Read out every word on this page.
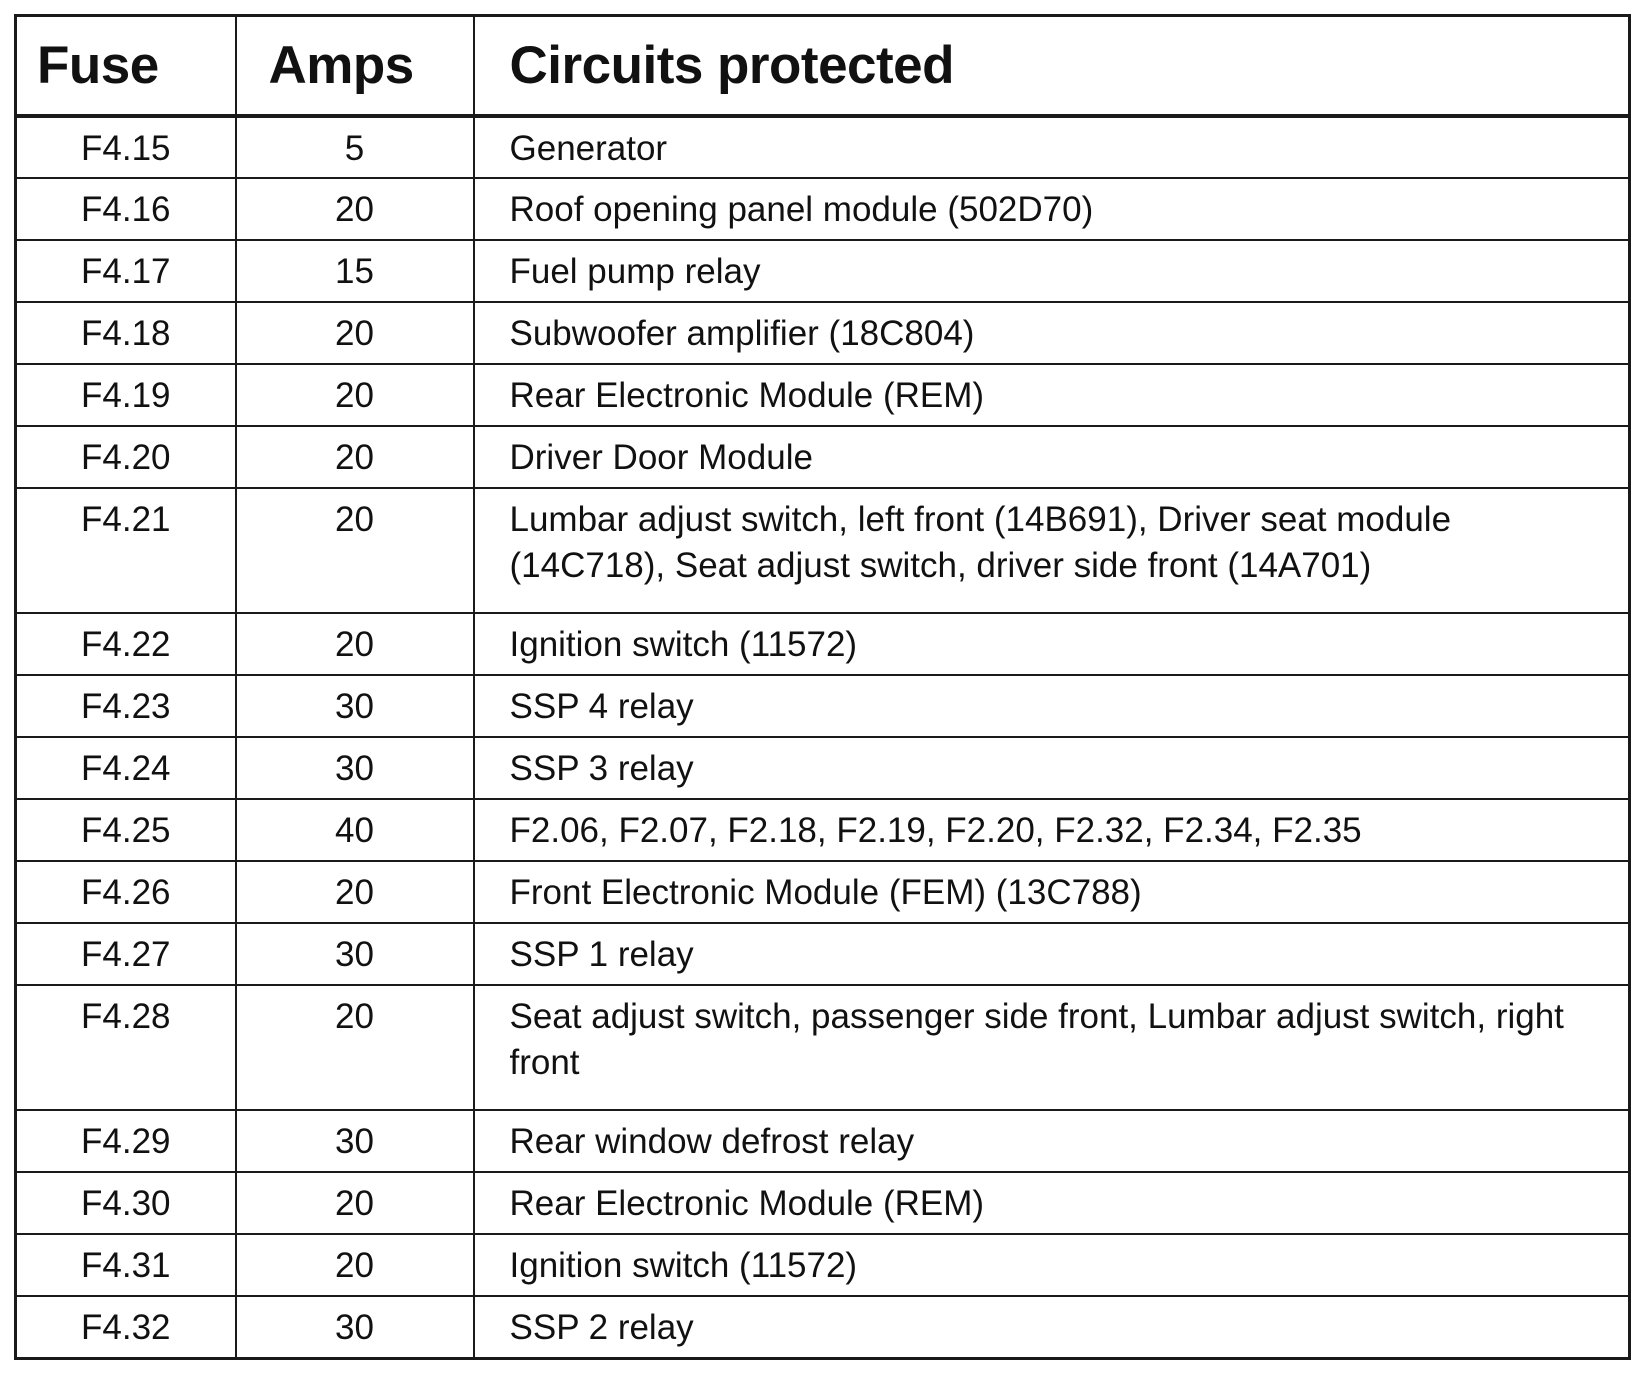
Fuse	Amps	Circuits protected
F4.15	5	Generator
F4.16	20	Roof opening panel module (502D70)
F4.17	15	Fuel pump relay
F4.18	20	Subwoofer amplifier (18C804)
F4.19	20	Rear Electronic Module (REM)
F4.20	20	Driver Door Module
F4.21	20	Lumbar adjust switch, left front (14B691), Driver seat module (14C718), Seat adjust switch, driver side front (14A701)
F4.22	20	Ignition switch (11572)
F4.23	30	SSP 4 relay
F4.24	30	SSP 3 relay
F4.25	40	F2.06, F2.07, F2.18, F2.19, F2.20, F2.32, F2.34, F2.35
F4.26	20	Front Electronic Module (FEM) (13C788)
F4.27	30	SSP 1 relay
F4.28	20	Seat adjust switch, passenger side front, Lumbar adjust switch, right front
F4.29	30	Rear window defrost relay
F4.30	20	Rear Electronic Module (REM)
F4.31	20	Ignition switch (11572)
F4.32	30	SSP 2 relay
